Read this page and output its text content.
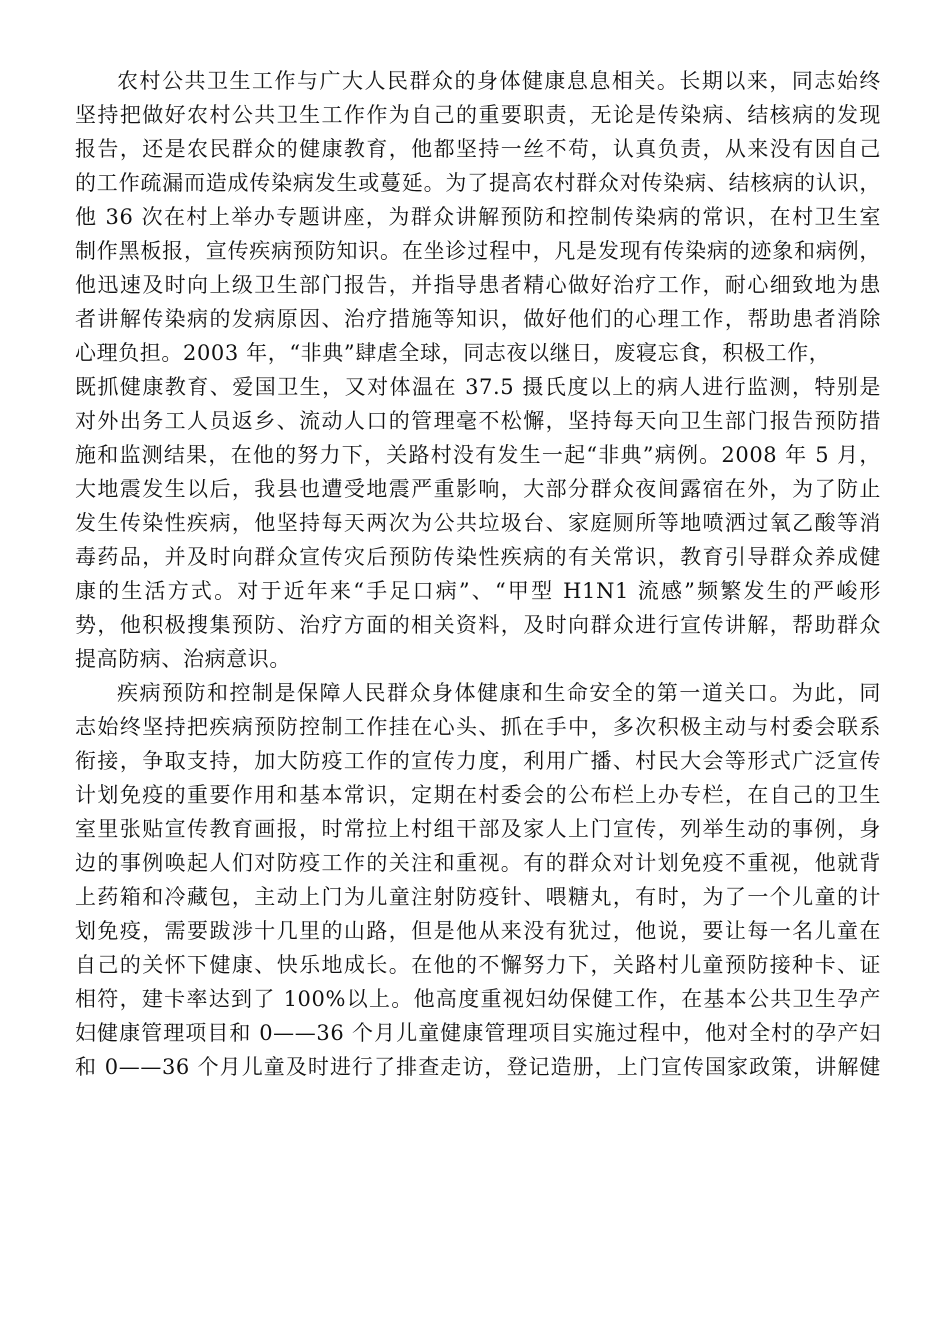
农村公共卫生工作与广大人民群众的身体健康息息相关。长期以来，同志始终
坚持把做好农村公共卫生工作作为自己的重要职责，无论是传染病、结核病的发现
报告，还是农民群众的健康教育，他都坚持一丝不苟，认真负责，从来没有因自己
的工作疏漏而造成传染病发生或蔓延。为了提高农村群众对传染病、结核病的认识，
他 36 次在村上举办专题讲座，为群众讲解预防和控制传染病的常识，在村卫生室
制作黑板报，宣传疾病预防知识。在坐诊过程中，凡是发现有传染病的迹象和病例，
他迅速及时向上级卫生部门报告，并指导患者精心做好治疗工作，耐心细致地为患
者讲解传染病的发病原因、治疗措施等知识，做好他们的心理工作，帮助患者消除
心理负担。2003 年，“非典”肆虐全球，同志夜以继日，废寝忘食，积极工作，
既抓健康教育、爱国卫生，又对体温在 37.5 摄氏度以上的病人进行监测，特别是
对外出务工人员返乡、流动人口的管理毫不松懈，坚持每天向卫生部门报告预防措
施和监测结果，在他的努力下，关路村没有发生一起“非典”病例。2008 年 5 月，
大地震发生以后，我县也遭受地震严重影响，大部分群众夜间露宿在外，为了防止
发生传染性疾病，他坚持每天两次为公共垃圾台、家庭厕所等地喷洒过氧乙酸等消
毒药品，并及时向群众宣传灾后预防传染性疾病的有关常识，教育引导群众养成健
康的生活方式。对于近年来“手足口病”、“甲型 H1N1 流感”频繁发生的严峻形
势，他积极搜集预防、治疗方面的相关资料，及时向群众进行宣传讲解，帮助群众
提高防病、治病意识。
疾病预防和控制是保障人民群众身体健康和生命安全的第一道关口。为此，同
志始终坚持把疾病预防控制工作挂在心头、抓在手中，多次积极主动与村委会联系
衔接，争取支持，加大防疫工作的宣传力度，利用广播、村民大会等形式广泛宣传
计划免疫的重要作用和基本常识，定期在村委会的公布栏上办专栏，在自己的卫生
室里张贴宣传教育画报，时常拉上村组干部及家人上门宣传，列举生动的事例，身
边的事例唤起人们对防疫工作的关注和重视。有的群众对计划免疫不重视，他就背
上药箱和冷藏包，主动上门为儿童注射防疫针、喂糖丸，有时，为了一个儿童的计
划免疫，需要跋涉十几里的山路，但是他从来没有犹过，他说，要让每一名儿童在
自己的关怀下健康、快乐地成长。在他的不懈努力下，关路村儿童预防接种卡、证
相符，建卡率达到了 100%以上。他高度重视妇幼保健工作，在基本公共卫生孕产
妇健康管理项目和 0——36 个月儿童健康管理项目实施过程中，他对全村的孕产妇
和 0——36 个月儿童及时进行了排查走访，登记造册，上门宣传国家政策，讲解健
